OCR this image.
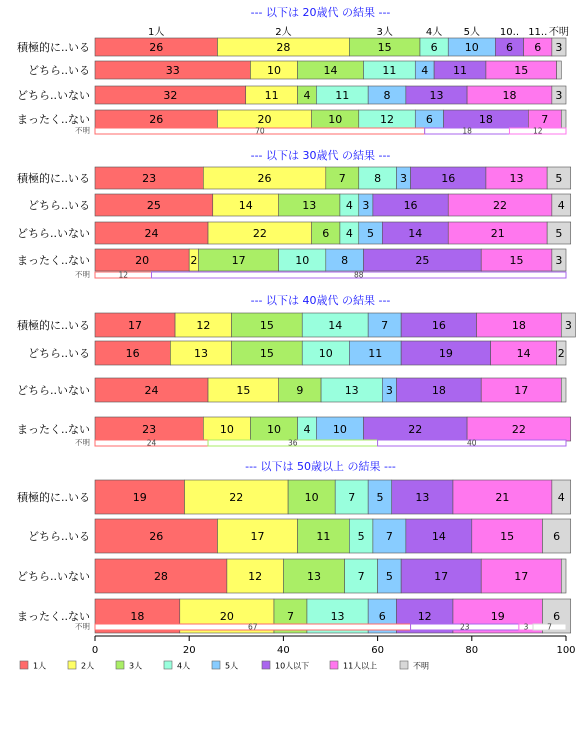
1人	2人	3人	4人 5人 10.. 11.. 不明
--- 以下は 20歳代 の結果 ---
積極的に..いる	26	28	15	6 10 6 6 3
どちら..いる	33	10	14	11 4 11	15
どちら..いない	32	11 4 11	8	13	18	3
まったく..ない	26	20	10	12	6	18	7
不明	70	18	12
--- 以下は 30歳代 の結果 ---
積極的に..いる	23	26	7	8 3	16	13	5
どちら..いる	25	14	13	4 3	16	22	4
どちら..いない	24	22	6 4 5	14	21	5
まったく..ない	20	2	17	10	8	25	15	3
不明	12	88
--- 以下は 40歳代 の結果 ---
積極的に..いる	17	12	15	14	7	16	18	3
どちら..いる	16	13	15	10	11	19	14 2
どちら..いない	24	15	9	13 3	18	17
まったく..ない	23	10	10 4 10	22	22
不明	24	36	40
--- 以下は 50歳以上 の結果 ---
積極的に..いる	19	22	10	7 5	13	21	4
どちら..いる	26	17	11 5 7	14	15	6
どちら..いない	28	12	13	7 5	17	17
まったく..ない	18	20	7	13	6	12	19	6
不明	67	23	3	7
0	20	40	60	80	100
1人	2人	3人	4人	5人	10人以下	11人以上	不明
